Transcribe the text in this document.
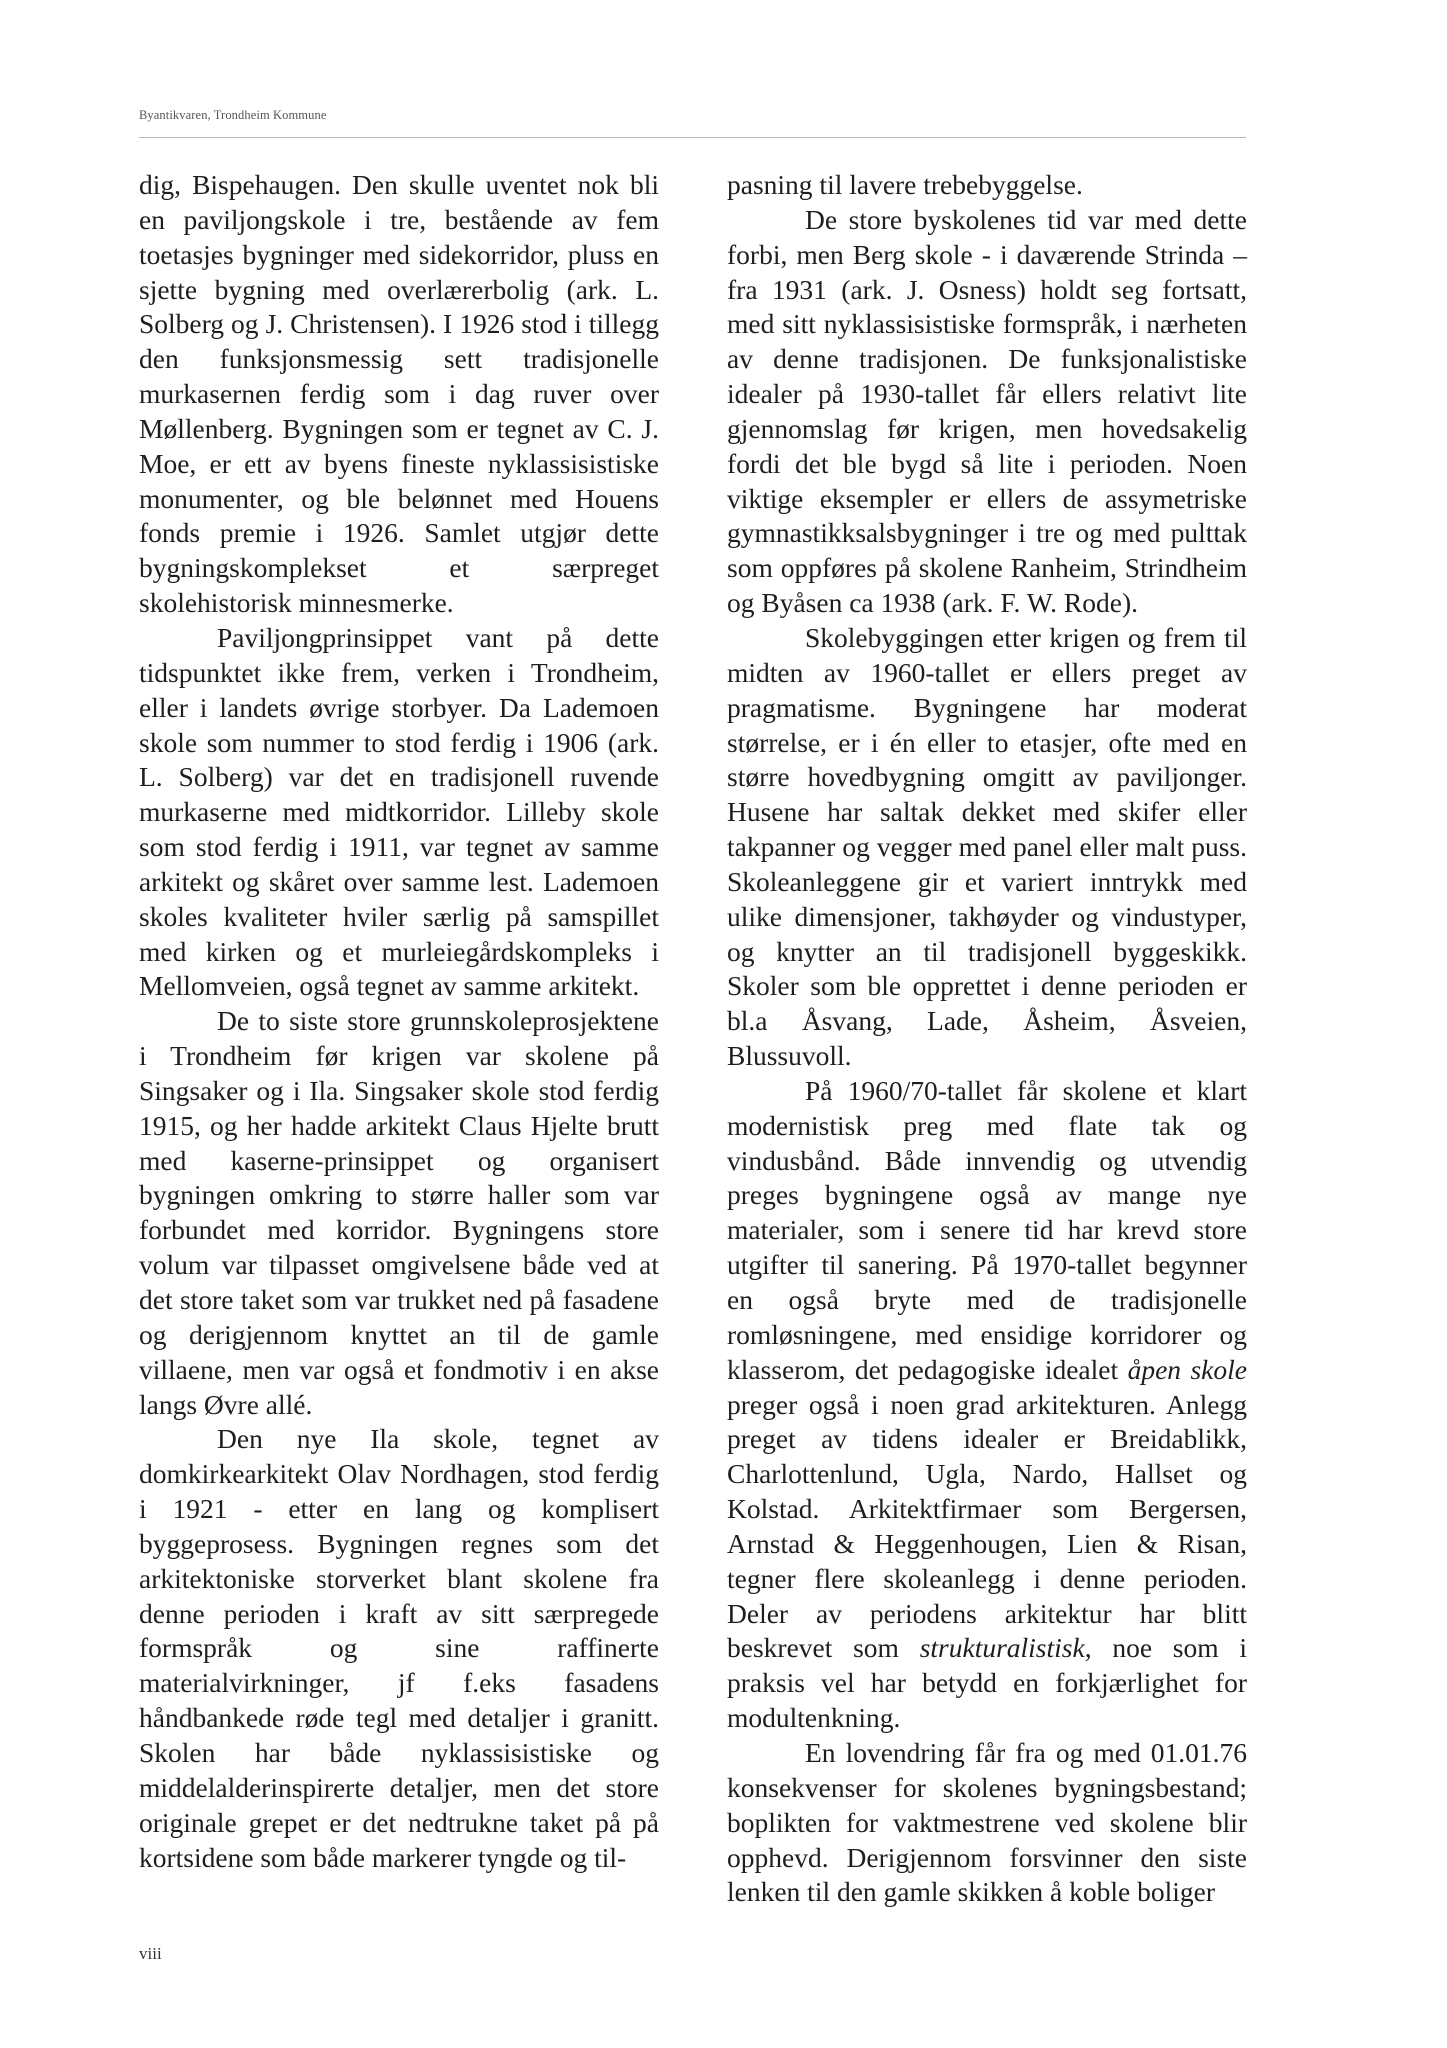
Byantikvaren, Trondheim Kommune

dig, Bispehaugen. Den skulle uventet nok bli en paviljongskole i tre, bestående av fem toetasjes bygninger med sidekorridor, pluss en sjette bygning med overlærerbolig (ark. L. Solberg og J. Christensen). I 1926 stod i tillegg den funksjonsmessig sett tradisjonelle murkasernen ferdig som i dag ruver over Møllenberg. Bygningen som er tegnet av C. J. Moe, er ett av byens fineste nyklassisistiske monumenter, og ble belønnet med Houens fonds premie i 1926. Samlet utgjør dette bygningskomplekset et særpreget skolehistorisk minnesmerke.

Paviljongprinsippet vant på dette tidspunktet ikke frem, verken i Trondheim, eller i landets øvrige storbyer. Da Lademoen skole som nummer to stod ferdig i 1906 (ark. L. Solberg) var det en tradisjonell ruvende murkaserne med midtkorridor. Lilleby skole som stod ferdig i 1911, var tegnet av samme arkitekt og skåret over samme lest. Lademoen skoles kvaliteter hviler særlig på samspillet med kirken og et murleiegårdskompleks i Mellomveien, også tegnet av samme arkitekt.

De to siste store grunnskoleprosjektene i Trondheim før krigen var skolene på Singsaker og i Ila. Singsaker skole stod ferdig 1915, og her hadde arkitekt Claus Hjelte brutt med kaserne-prinsippet og organisert bygningen omkring to større haller som var forbundet med korridor. Bygningens store volum var tilpasset omgivelsene både ved at det store taket som var trukket ned på fasadene og derigjennom knyttet an til de gamle villaene, men var også et fondmotiv i en akse langs Øvre allé.

Den nye Ila skole, tegnet av domkirkearkitekt Olav Nordhagen, stod ferdig i 1921 - etter en lang og komplisert byggeprosess. Bygningen regnes som det arkitektoniske storverket blant skolene fra denne perioden i kraft av sitt særpregede formspråk og sine raffinerte materialvirkninger, jf f.eks fasadens håndbankede røde tegl med detaljer i granitt. Skolen har både nyklassisistiske og middelalderinspirerte detaljer, men det store originale grepet er det nedtrukne taket på på kortsidene som både markerer tyngde og til-

pasning til lavere trebebyggelse.

De store byskolenes tid var med dette forbi, men Berg skole - i daværende Strinda – fra 1931 (ark. J. Osness) holdt seg fortsatt, med sitt nyklassisistiske formspråk, i nærheten av denne tradisjonen. De funksjonalistiske idealer på 1930-tallet får ellers relativt lite gjennomslag før krigen, men hovedsakelig fordi det ble bygd så lite i perioden. Noen viktige eksempler er ellers de assymetriske gymnastikksalsbygninger i tre og med pulttak som oppføres på skolene Ranheim, Strindheim og Byåsen ca 1938 (ark. F. W. Rode).

Skolebyggingen etter krigen og frem til midten av 1960-tallet er ellers preget av pragmatisme. Bygningene har moderat størrelse, er i én eller to etasjer, ofte med en større hovedbygning omgitt av paviljonger. Husene har saltak dekket med skifer eller takpanner og vegger med panel eller malt puss. Skoleanleggene gir et variert inntrykk med ulike dimensjoner, takhøyder og vindustyper, og knytter an til tradisjonell byggeskikk. Skoler som ble opprettet i denne perioden er bl.a Åsvang, Lade, Åsheim, Åsveien, Blussuvoll.

På 1960/70-tallet får skolene et klart modernistisk preg med flate tak og vindusbånd. Både innvendig og utvendig preges bygningene også av mange nye materialer, som i senere tid har krevd store utgifter til sanering. På 1970-tallet begynner en også bryte med de tradisjonelle romløsningene, med ensidige korridorer og klasserom, det pedagogiske idealet åpen skole preger også i noen grad arkitekturen. Anlegg preget av tidens idealer er Breidablikk, Charlottenlund, Ugla, Nardo, Hallset og Kolstad. Arkitektfirmaer som Bergersen, Arnstad & Heggenhougen, Lien & Risan, tegner flere skoleanlegg i denne perioden. Deler av periodens arkitektur har blitt beskrevet som strukturalistisk, noe som i praksis vel har betydd en forkjærlighet for modultenkning.

En lovendring får fra og med 01.01.76 konsekvenser for skolenes bygningsbestand; boplikten for vaktmestrene ved skolene blir opphevd. Derigjennom forsvinner den siste lenken til den gamle skikken å koble boliger

viii
